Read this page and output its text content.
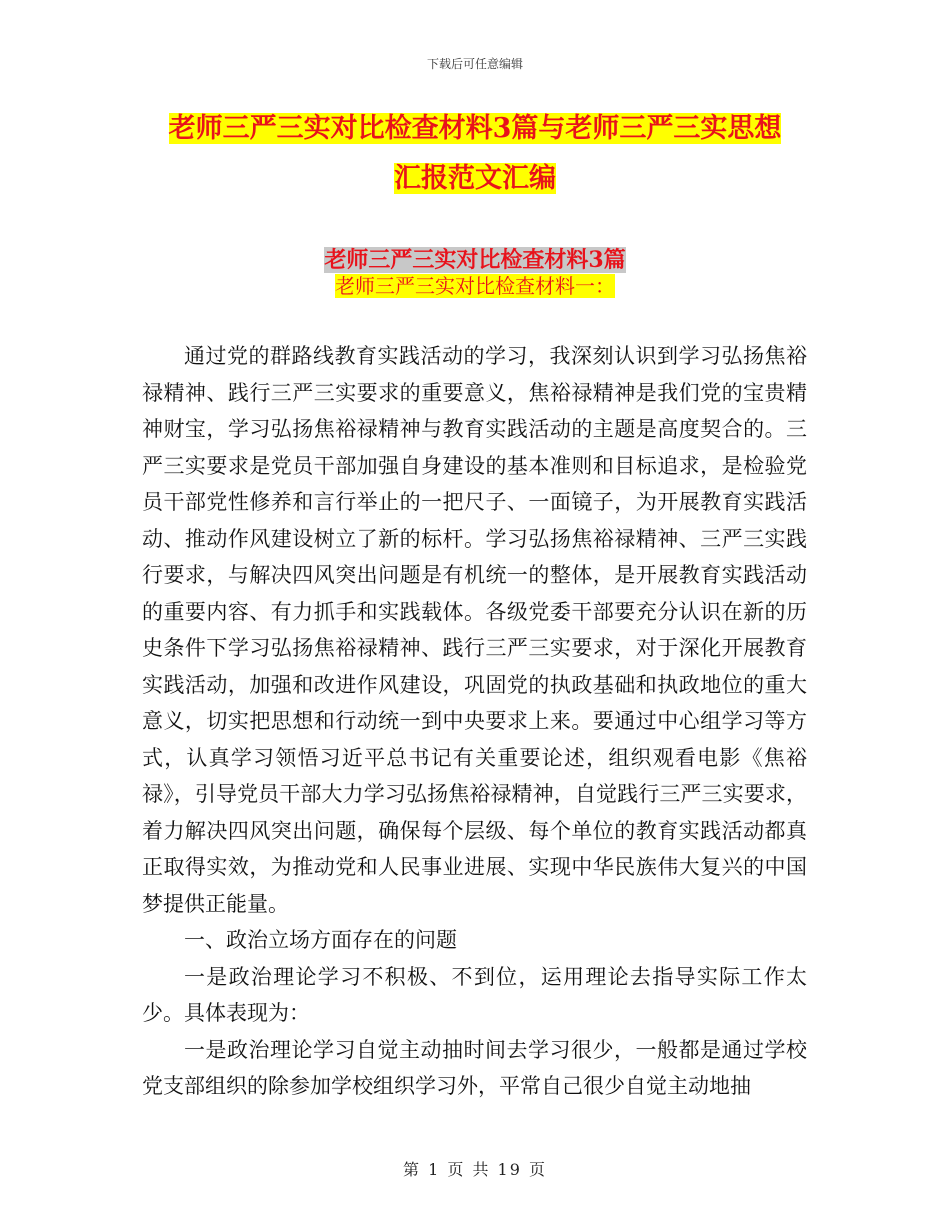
下载后可任意编辑
老师三严三实对比检查材料3篇与老师三严三实思想
汇报范文汇编
老师三严三实对比检查材料3篇
老师三严三实对比检查材料一：

通过党的群路线教育实践活动的学习，我深刻认识到学习弘扬焦裕禄精神、践行三严三实要求的重要意义，焦裕禄精神是我们党的宝贵精神财宝，学习弘扬焦裕禄精神与教育实践活动的主题是高度契合的。三严三实要求是党员干部加强自身建设的基本准则和目标追求，是检验党员干部党性修养和言行举止的一把尺子、一面镜子，为开展教育实践活动、推动作风建设树立了新的标杆。学习弘扬焦裕禄精神、三严三实践行要求，与解决四风突出问题是有机统一的整体，是开展教育实践活动的重要内容、有力抓手和实践载体。各级党委干部要充分认识在新的历史条件下学习弘扬焦裕禄精神、践行三严三实要求，对于深化开展教育实践活动，加强和改进作风建设，巩固党的执政基础和执政地位的重大意义，切实把思想和行动统一到中央要求上来。要通过中心组学习等方式，认真学习领悟习近平总书记有关重要论述，组织观看电影《焦裕禄》，引导党员干部大力学习弘扬焦裕禄精神，自觉践行三严三实要求，着力解决四风突出问题，确保每个层级、每个单位的教育实践活动都真正取得实效，为推动党和人民事业进展、实现中华民族伟大复兴的中国梦提供正能量。

一、政治立场方面存在的问题

一是政治理论学习不积极、不到位，运用理论去指导实际工作太少。具体表现为：

一是政治理论学习自觉主动抽时间去学习很少，一般都是通过学校党支部组织的除参加学校组织学习外，平常自己很少自觉主动地抽

第 1 页 共 19 页
